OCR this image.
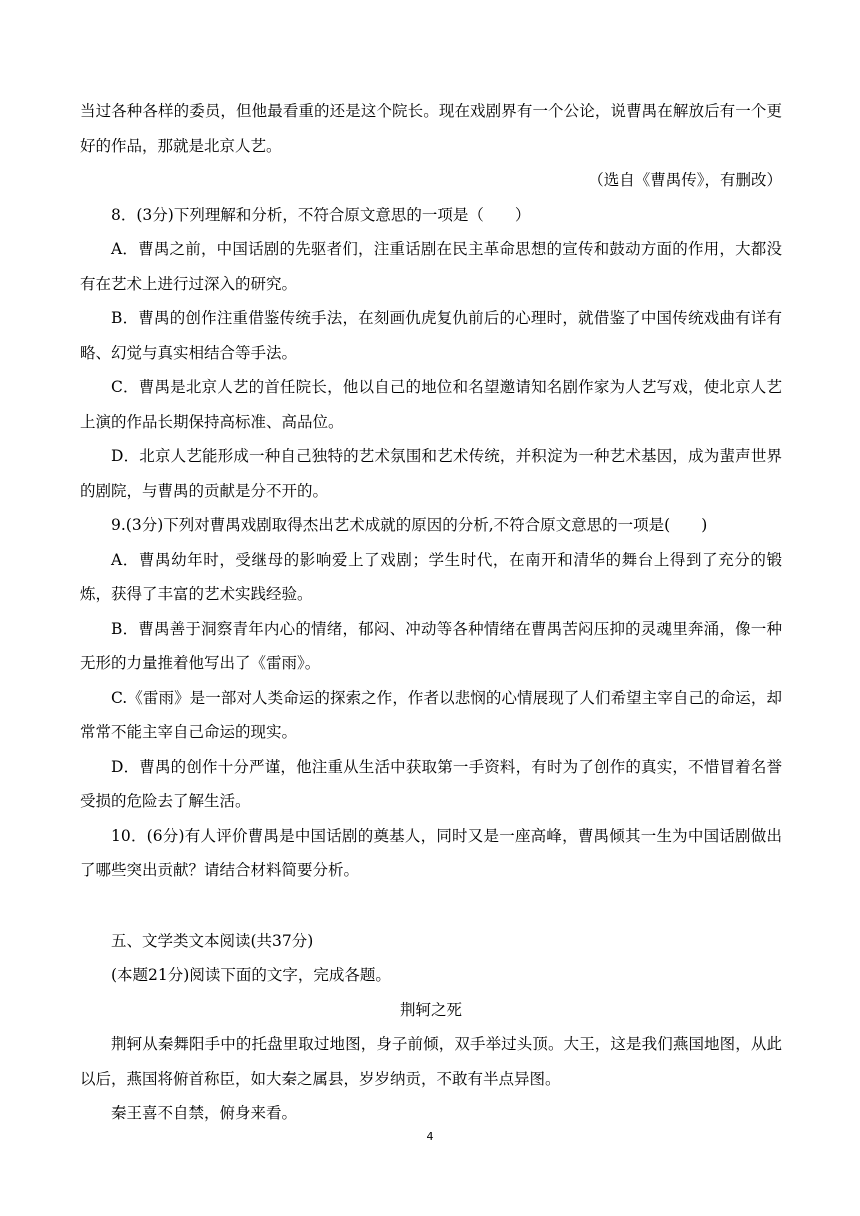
当过各种各样的委员，但他最看重的还是这个院长。现在戏剧界有一个公论，说曹禺在解放后有一个更好的作品，那就是北京人艺。

（选自《曹禺传》，有删改）

8．(3分)下列理解和分析，不符合原文意思的一项是（　　）

A．曹禺之前，中国话剧的先驱者们，注重话剧在民主革命思想的宣传和鼓动方面的作用，大都没有在艺术上进行过深入的研究。

B．曹禺的创作注重借鉴传统手法，在刻画仇虎复仇前后的心理时，就借鉴了中国传统戏曲有详有略、幻觉与真实相结合等手法。

C．曹禺是北京人艺的首任院长，他以自己的地位和名望邀请知名剧作家为人艺写戏，使北京人艺上演的作品长期保持高标准、高品位。

D．北京人艺能形成一种自己独特的艺术氛围和艺术传统，并积淀为一种艺术基因，成为蜚声世界的剧院，与曹禺的贡献是分不开的。

9.(3分)下列对曹禺戏剧取得杰出艺术成就的原因的分析,不符合原文意思的一项是(　　)

A．曹禺幼年时，受继母的影响爱上了戏剧；学生时代，在南开和清华的舞台上得到了充分的锻炼，获得了丰富的艺术实践经验。

B．曹禺善于洞察青年内心的情绪，郁闷、冲动等各种情绪在曹禺苦闷压抑的灵魂里奔涌，像一种无形的力量推着他写出了《雷雨》。

C.《雷雨》是一部对人类命运的探索之作，作者以悲悯的心情展现了人们希望主宰自己的命运，却常常不能主宰自己命运的现实。

D．曹禺的创作十分严谨，他注重从生活中获取第一手资料，有时为了创作的真实，不惜冒着名誉受损的危险去了解生活。

10．(6分)有人评价曹禺是中国话剧的奠基人，同时又是一座高峰，曹禺倾其一生为中国话剧做出了哪些突出贡献？请结合材料简要分析。

五、文学类文本阅读(共37分)

(本题21分)阅读下面的文字，完成各题。

荆轲之死

荆轲从秦舞阳手中的托盘里取过地图，身子前倾，双手举过头顶。大王，这是我们燕国地图，从此以后，燕国将俯首称臣，如大秦之属县，岁岁纳贡，不敢有半点异图。

秦王喜不自禁，俯身来看。

4
